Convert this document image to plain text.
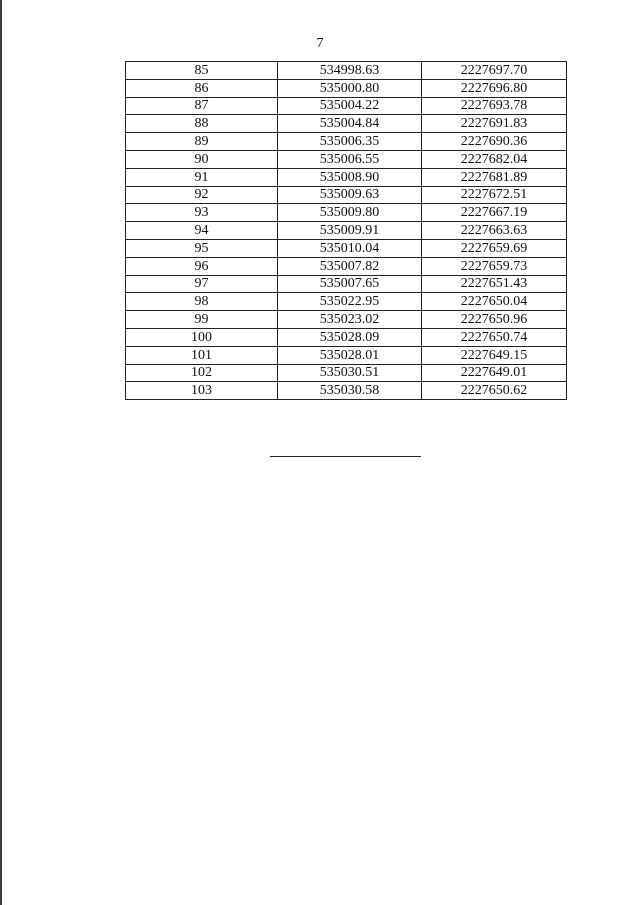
7
85	534998.63	2227697.70
86	535000.80	2227696.80
87	535004.22	2227693.78
88	535004.84	2227691.83
89	535006.35	2227690.36
90	535006.55	2227682.04
91	535008.90	2227681.89
92	535009.63	2227672.51
93	535009.80	2227667.19
94	535009.91	2227663.63
95	535010.04	2227659.69
96	535007.82	2227659.73
97	535007.65	2227651.43
98	535022.95	2227650.04
99	535023.02	2227650.96
100	535028.09	2227650.74
101	535028.01	2227649.15
102	535030.51	2227649.01
103	535030.58	2227650.62
